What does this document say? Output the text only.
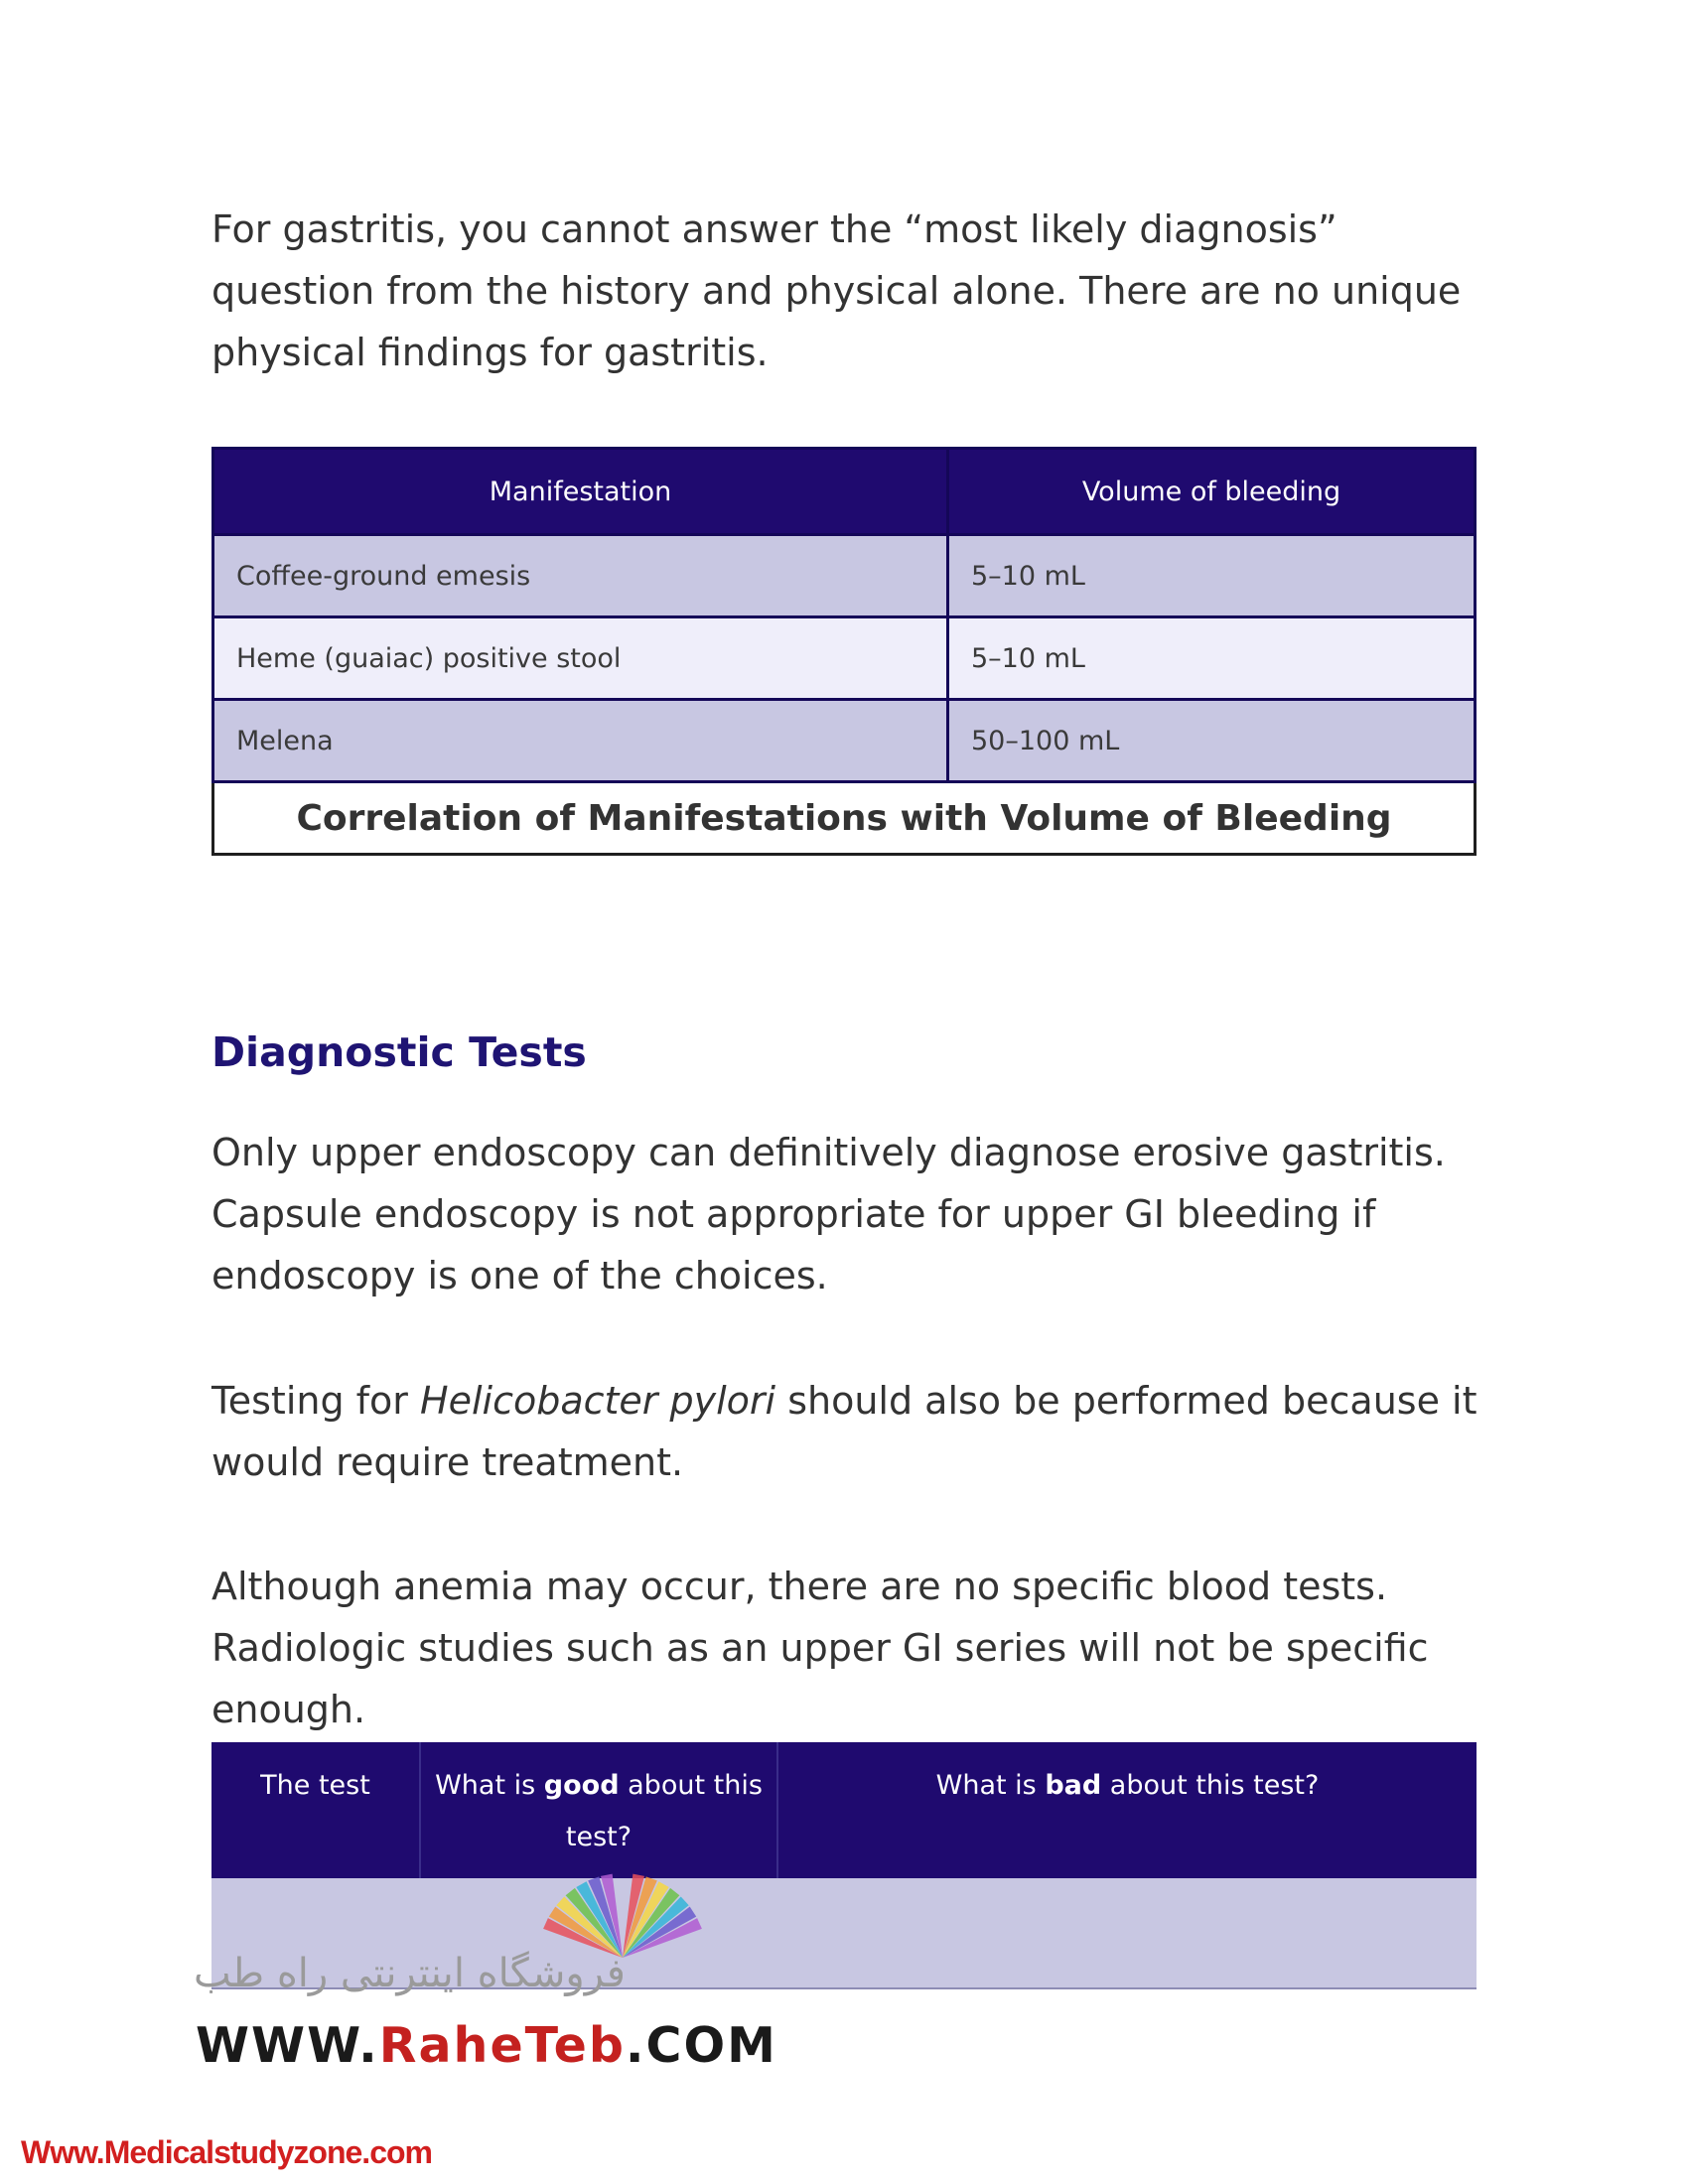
For gastritis, you cannot answer the “most likely diagnosis” question from the history and physical alone. There are no unique physical findings for gastritis.

Manifestation	Volume of bleeding
Coffee-ground emesis	5–10 mL
Heme (guaiac) positive stool	5–10 mL
Melena	50–100 mL
Correlation of Manifestations with Volume of Bleeding	
Diagnostic Tests

Only upper endoscopy can definitively diagnose erosive gastritis. Capsule endoscopy is not appropriate for upper GI bleeding if endoscopy is one of the choices.

Testing for Helicobacter pylori should also be performed because it would require treatment.

Although anemia may occur, there are no specific blood tests. Radiologic studies such as an upper GI series will not be specific enough.

The test	What is good about this test?	What is bad about this test?

فروشگاه اینترنتی راه طب
WWW.RaheTeb.COM
Www.Medicalstudyzone.com
